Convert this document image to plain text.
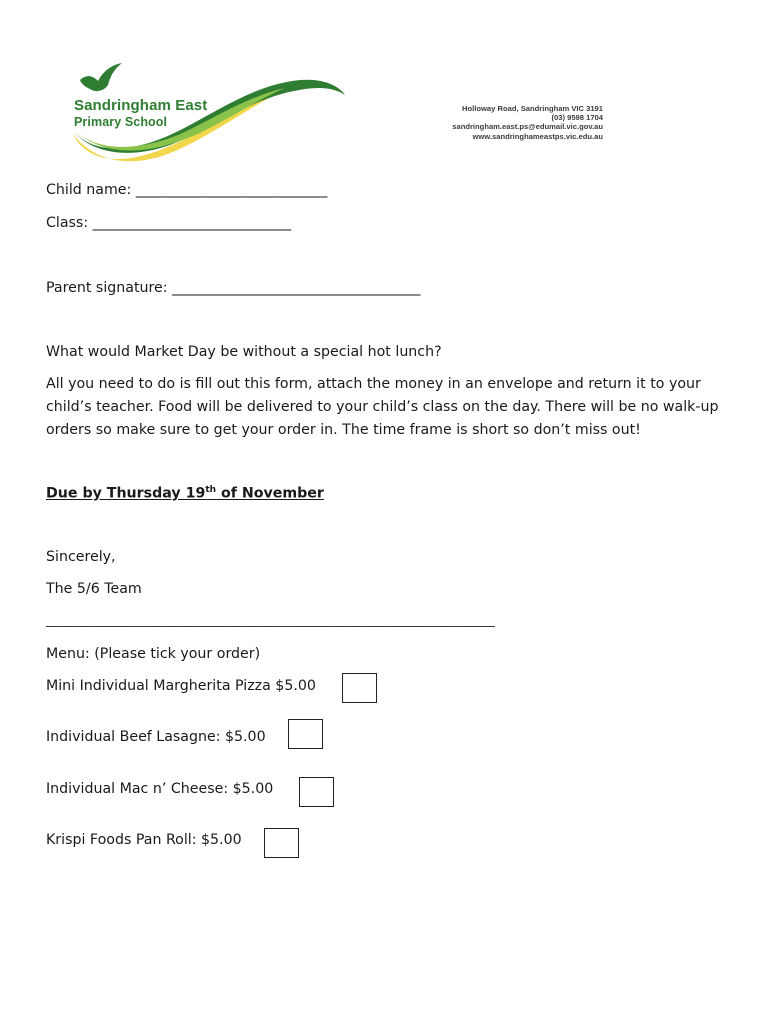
Sandringham East
Primary School
Holloway Road, Sandringham VIC 3191
(03) 9598 1704
sandringham.east.ps@edumail.vic.gov.au
www.sandringhameastps.vic.edu.au
Child name: ___________________________
Class: ____________________________
Parent signature: ___________________________________
What would Market Day be without a special hot lunch?
All you need to do is fill out this form, attach the money in an envelope and return it to your child’s teacher. Food will be delivered to your child’s class on the day. There will be no walk-up orders so make sure to get your order in. The time frame is short so don’t miss out!
Due by Thursday 19th of November
Sincerely,
The 5/6 Team
_________________________________________________________________________
Menu: (Please tick your order)
Mini Individual Margherita Pizza $5.00
Individual Beef Lasagne: $5.00
Individual Mac n’ Cheese: $5.00
Krispi Foods Pan Roll: $5.00
